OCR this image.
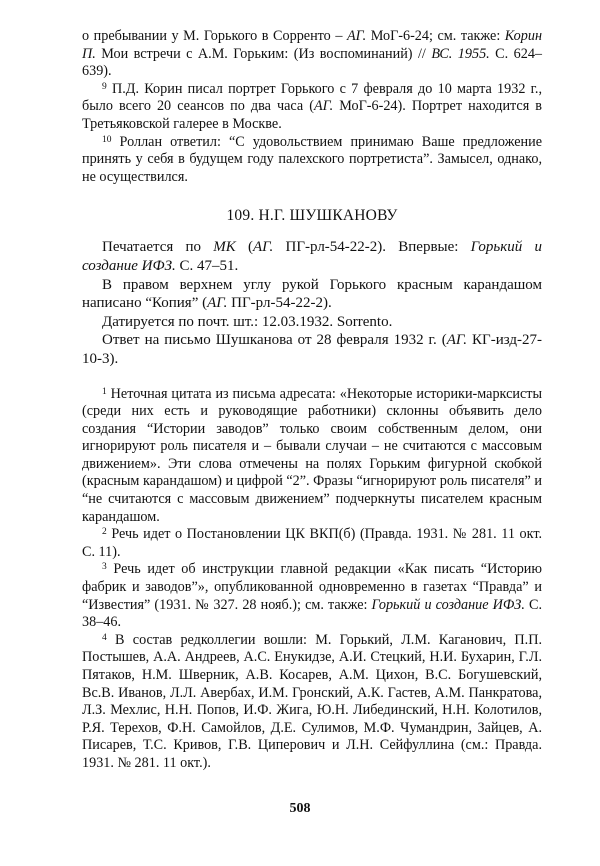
о пребывании у М. Горького в Сорренто – АГ. МоГ-6-24; см. также: Корин П. Мои встречи с А.М. Горьким: (Из воспоминаний) // ВС. 1955. С. 624–639).

$^9$ П.Д. Корин писал портрет Горького с 7 февраля до 10 марта 1932 г., было всего 20 сеансов по два часа (АГ. МоГ-6-24). Портрет находится в Третьяковской галерее в Москве.

$^{10}$ Роллан ответил: “С удовольствием принимаю Ваше предложение принять у себя в будущем году палехского портретиста”. Замысел, однако, не осуществился.

109. Н.Г. ШУШКАНОВУ

Печатается по МК (АГ. ПГ-рл-54-22-2). Впервые: Горький и создание ИФЗ. С. 47–51.

В правом верхнем углу рукой Горького красным карандашом написано “Копия” (АГ. ПГ-рл-54-22-2).

Датируется по почт. шт.: 12.03.1932. Sorrento.

Ответ на письмо Шушканова от 28 февраля 1932 г. (АГ. КГ-изд-27-10-3).

$^1$ Неточная цитата из письма адресата: «Некоторые историки-марксисты (среди них есть и руководящие работники) склонны объявить дело создания “Истории заводов” только своим собственным делом, они игнорируют роль писателя и – бывали случаи – не считаются с массовым движением». Эти слова отмечены на полях Горьким фигурной скобкой (красным карандашом) и цифрой “2”. Фразы “игнорируют роль писателя” и “не считаются с массовым движением” подчеркнуты писателем красным карандашом.

$^2$ Речь идет о Постановлении ЦК ВКП(б) (Правда. 1931. № 281. 11 окт. С. 11).

$^3$ Речь идет об инструкции главной редакции «Как писать “Историю фабрик и заводов”», опубликованной одновременно в газетах “Правда” и “Известия” (1931. № 327. 28 нояб.); см. также: Горький и создание ИФЗ. С. 38–46.

$^4$ В состав редколлегии вошли: М. Горький, Л.М. Каганович, П.П. Постышев, А.А. Андреев, А.С. Енукидзе, А.И. Стецкий, Н.И. Бухарин, Г.Л. Пятаков, Н.М. Шверник, А.В. Косарев, А.М. Цихон, В.С. Богушевский, Вс.В. Иванов, Л.Л. Авербах, И.М. Гронский, А.К. Гастев, А.М. Панкратова, Л.З. Мехлис, Н.Н. Попов, И.Ф. Жига, Ю.Н. Либединский, Н.Н. Колотилов, Р.Я. Терехов, Ф.Н. Самойлов, Д.Е. Сулимов, М.Ф. Чумандрин, Зайцев, А. Писарев, Т.С. Кривов, Г.В. Циперович и Л.Н. Сейфуллина (см.: Правда. 1931. № 281. 11 окт.).

508
